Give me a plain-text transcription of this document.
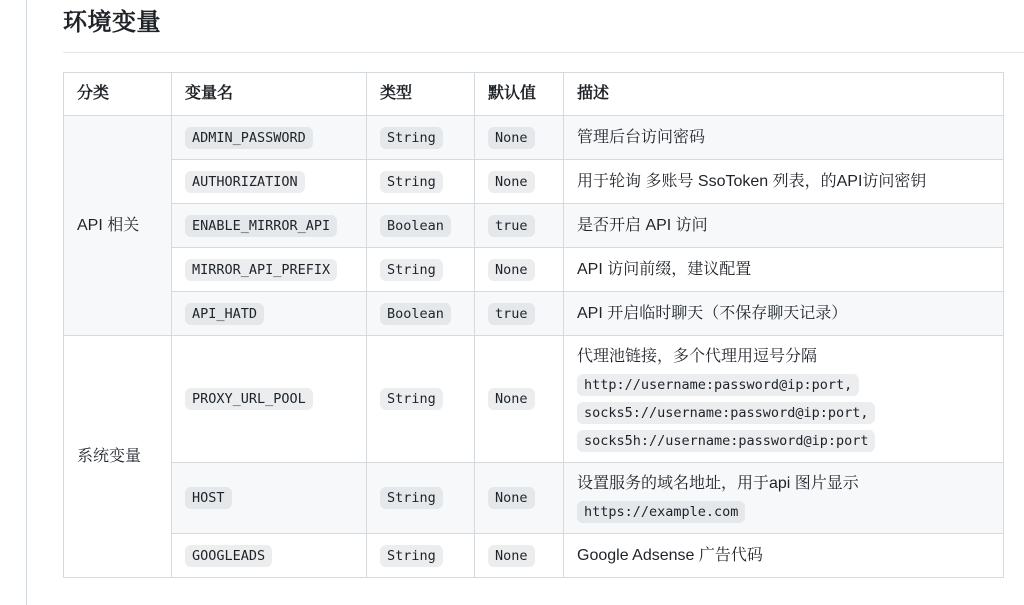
环境变量
分类	变量名	类型	默认值	描述
API 相关	ADMIN_PASSWORD	String	None	管理后台访问密码
	AUTHORIZATION	String	None	用于轮询 多账号 SsoToken 列表，的API访问密钥
	ENABLE_MIRROR_API	Boolean	true	是否开启 API 访问
	MIRROR_API_PREFIX	String	None	API 访问前缀，建议配置
	API_HATD	Boolean	true	API 开启临时聊天（不保存聊天记录）
系统变量	PROXY_URL_POOL	String	None	代理池链接，多个代理用逗号分隔
http://username:password@ip:port,
socks5://username:password@ip:port,
socks5h://username:password@ip:port

	HOST	String	None	设置服务的域名地址，用于api 图片显示
https://example.com

	GOOGLEADS	String	None	Google Adsense 广告代码
